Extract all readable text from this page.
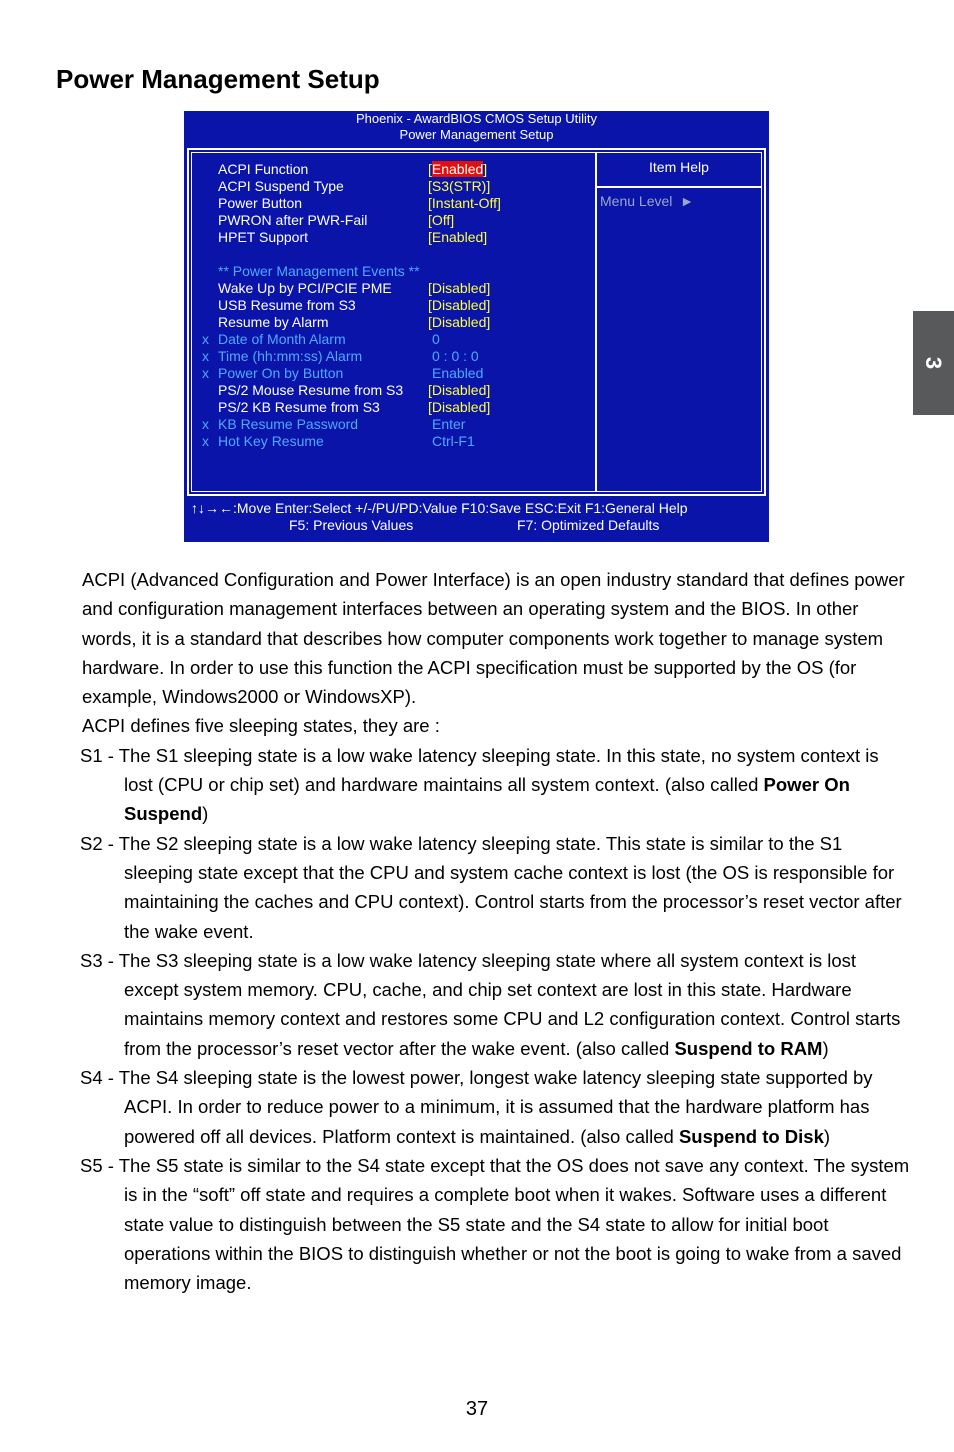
Power Management Setup
3
Phoenix - AwardBIOS CMOS Setup Utility
Power Management Setup
ACPI Function	[Enabled]
ACPI Suspend Type	[S3(STR)]
Power Button	[Instant-Off]
PWRON after PWR-Fail	[Off]
HPET Support	[Enabled]
** Power Management Events **
Wake Up by PCI/PCIE PME	[Disabled]
USB Resume from S3	[Disabled]
Resume by Alarm	[Disabled]
x Date of Month Alarm	0
x Time (hh:mm:ss) Alarm	0 : 0 : 0
x Power On by Button	Enabled
PS/2 Mouse Resume from S3 [Disabled]
PS/2 KB Resume from S3	[Disabled]
x KB Resume Password	Enter
x Hot Key Resume	Ctrl-F1
Item Help
Menu Level ►
↑↓→←:Move Enter:Select +/-/PU/PD:Value F10:Save ESC:Exit F1:General Help
F5: Previous Values	F7: Optimized Defaults

ACPI (Advanced Configuration and Power Interface) is an open industry standard that defines power and configuration management interfaces between an operating system and the BIOS. In other words, it is a standard that describes how computer components work together to manage system hardware. In order to use this function the ACPI specification must be supported by the OS (for example, Windows2000 or WindowsXP).

ACPI defines five sleeping states, they are :

S1 - The S1 sleeping state is a low wake latency sleeping state. In this state, no system context is lost (CPU or chip set) and hardware maintains all system context. (also called Power On Suspend)

S2 - The S2 sleeping state is a low wake latency sleeping state. This state is similar to the S1 sleeping state except that the CPU and system cache context is lost (the OS is responsible for maintaining the caches and CPU context). Control starts from the processor’s reset vector after the wake event.

S3 - The S3 sleeping state is a low wake latency sleeping state where all system context is lost except system memory. CPU, cache, and chip set context are lost in this state. Hardware maintains memory context and restores some CPU and L2 configuration context. Control starts from the processor’s reset vector after the wake event. (also called Suspend to RAM)

S4 - The S4 sleeping state is the lowest power, longest wake latency sleeping state supported by ACPI. In order to reduce power to a minimum, it is assumed that the hardware platform has powered off all devices. Platform context is maintained. (also called Suspend to Disk)

S5 - The S5 state is similar to the S4 state except that the OS does not save any context. The system is in the “soft” off state and requires a complete boot when it wakes. Software uses a different state value to distinguish between the S5 state and the S4 state to allow for initial boot operations within the BIOS to distinguish whether or not the boot is going to wake from a saved memory image.

37
